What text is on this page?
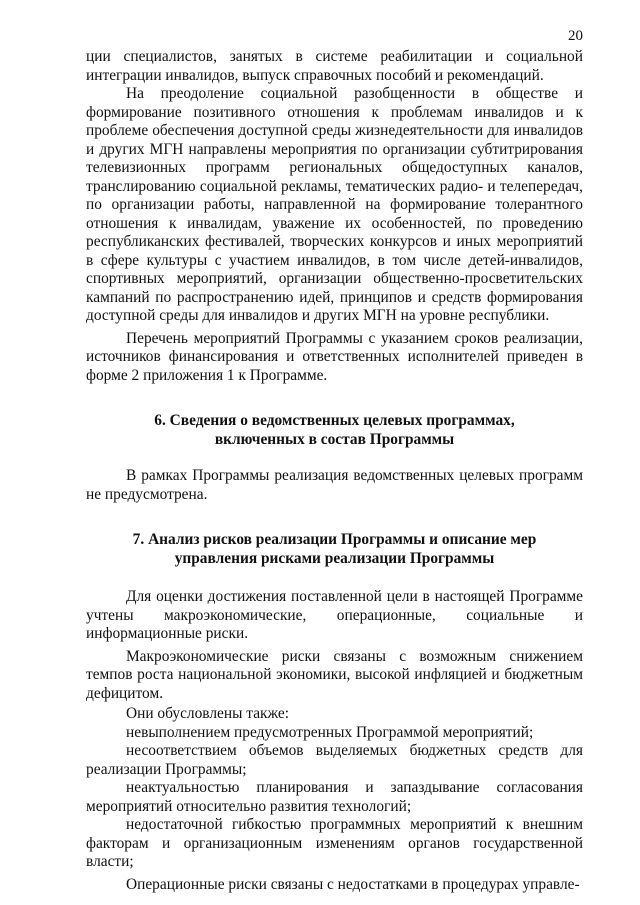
20

ции специалистов, занятых в системе реабилитации и социальной интеграции инвалидов, выпуск справочных пособий и рекомендаций.

На преодоление социальной разобщенности в обществе и формирование позитивного отношения к проблемам инвалидов и к проблеме обеспечения доступной среды жизнедеятельности для инвалидов и других МГН направлены мероприятия по организации субтитрирования телевизионных программ региональных общедоступных каналов, транслированию социальной рекламы, тематических радио- и телепередач, по организации работы, направленной на формирование толерантного отношения к инвалидам, уважение их особенностей, по проведению республиканских фестивалей, творческих конкурсов и иных мероприятий в сфере культуры с участием инвалидов, в том числе детей-инвалидов, спортивных мероприятий, организации общественно-просветительских кампаний по распространению идей, принципов и средств формирования доступной среды для инвалидов и других МГН на уровне республики.

Перечень мероприятий Программы с указанием сроков реализации, источников финансирования и ответственных исполнителей приведен в форме 2 приложения 1 к Программе.

6. Сведения о ведомственных целевых программах,

включенных в состав Программы

В рамках Программы реализация ведомственных целевых программ не предусмотрена.

7. Анализ рисков реализации Программы и описание мер

управления рисками реализации Программы

Для оценки достижения поставленной цели в настоящей Программе учтены макроэкономические, операционные, социальные и информационные риски.

Макроэкономические риски связаны с возможным снижением темпов роста национальной экономики, высокой инфляцией и бюджетным дефицитом.

Они обусловлены также:

невыполнением предусмотренных Программой мероприятий;

несоответствием объемов выделяемых бюджетных средств для реализации Программы;

неактуальностью планирования и запаздывание согласования мероприятий относительно развития технологий;

недостаточной гибкостью программных мероприятий к внешним факторам и организационным изменениям органов государственной власти;

Операционные риски связаны с недостатками в процедурах управле-
